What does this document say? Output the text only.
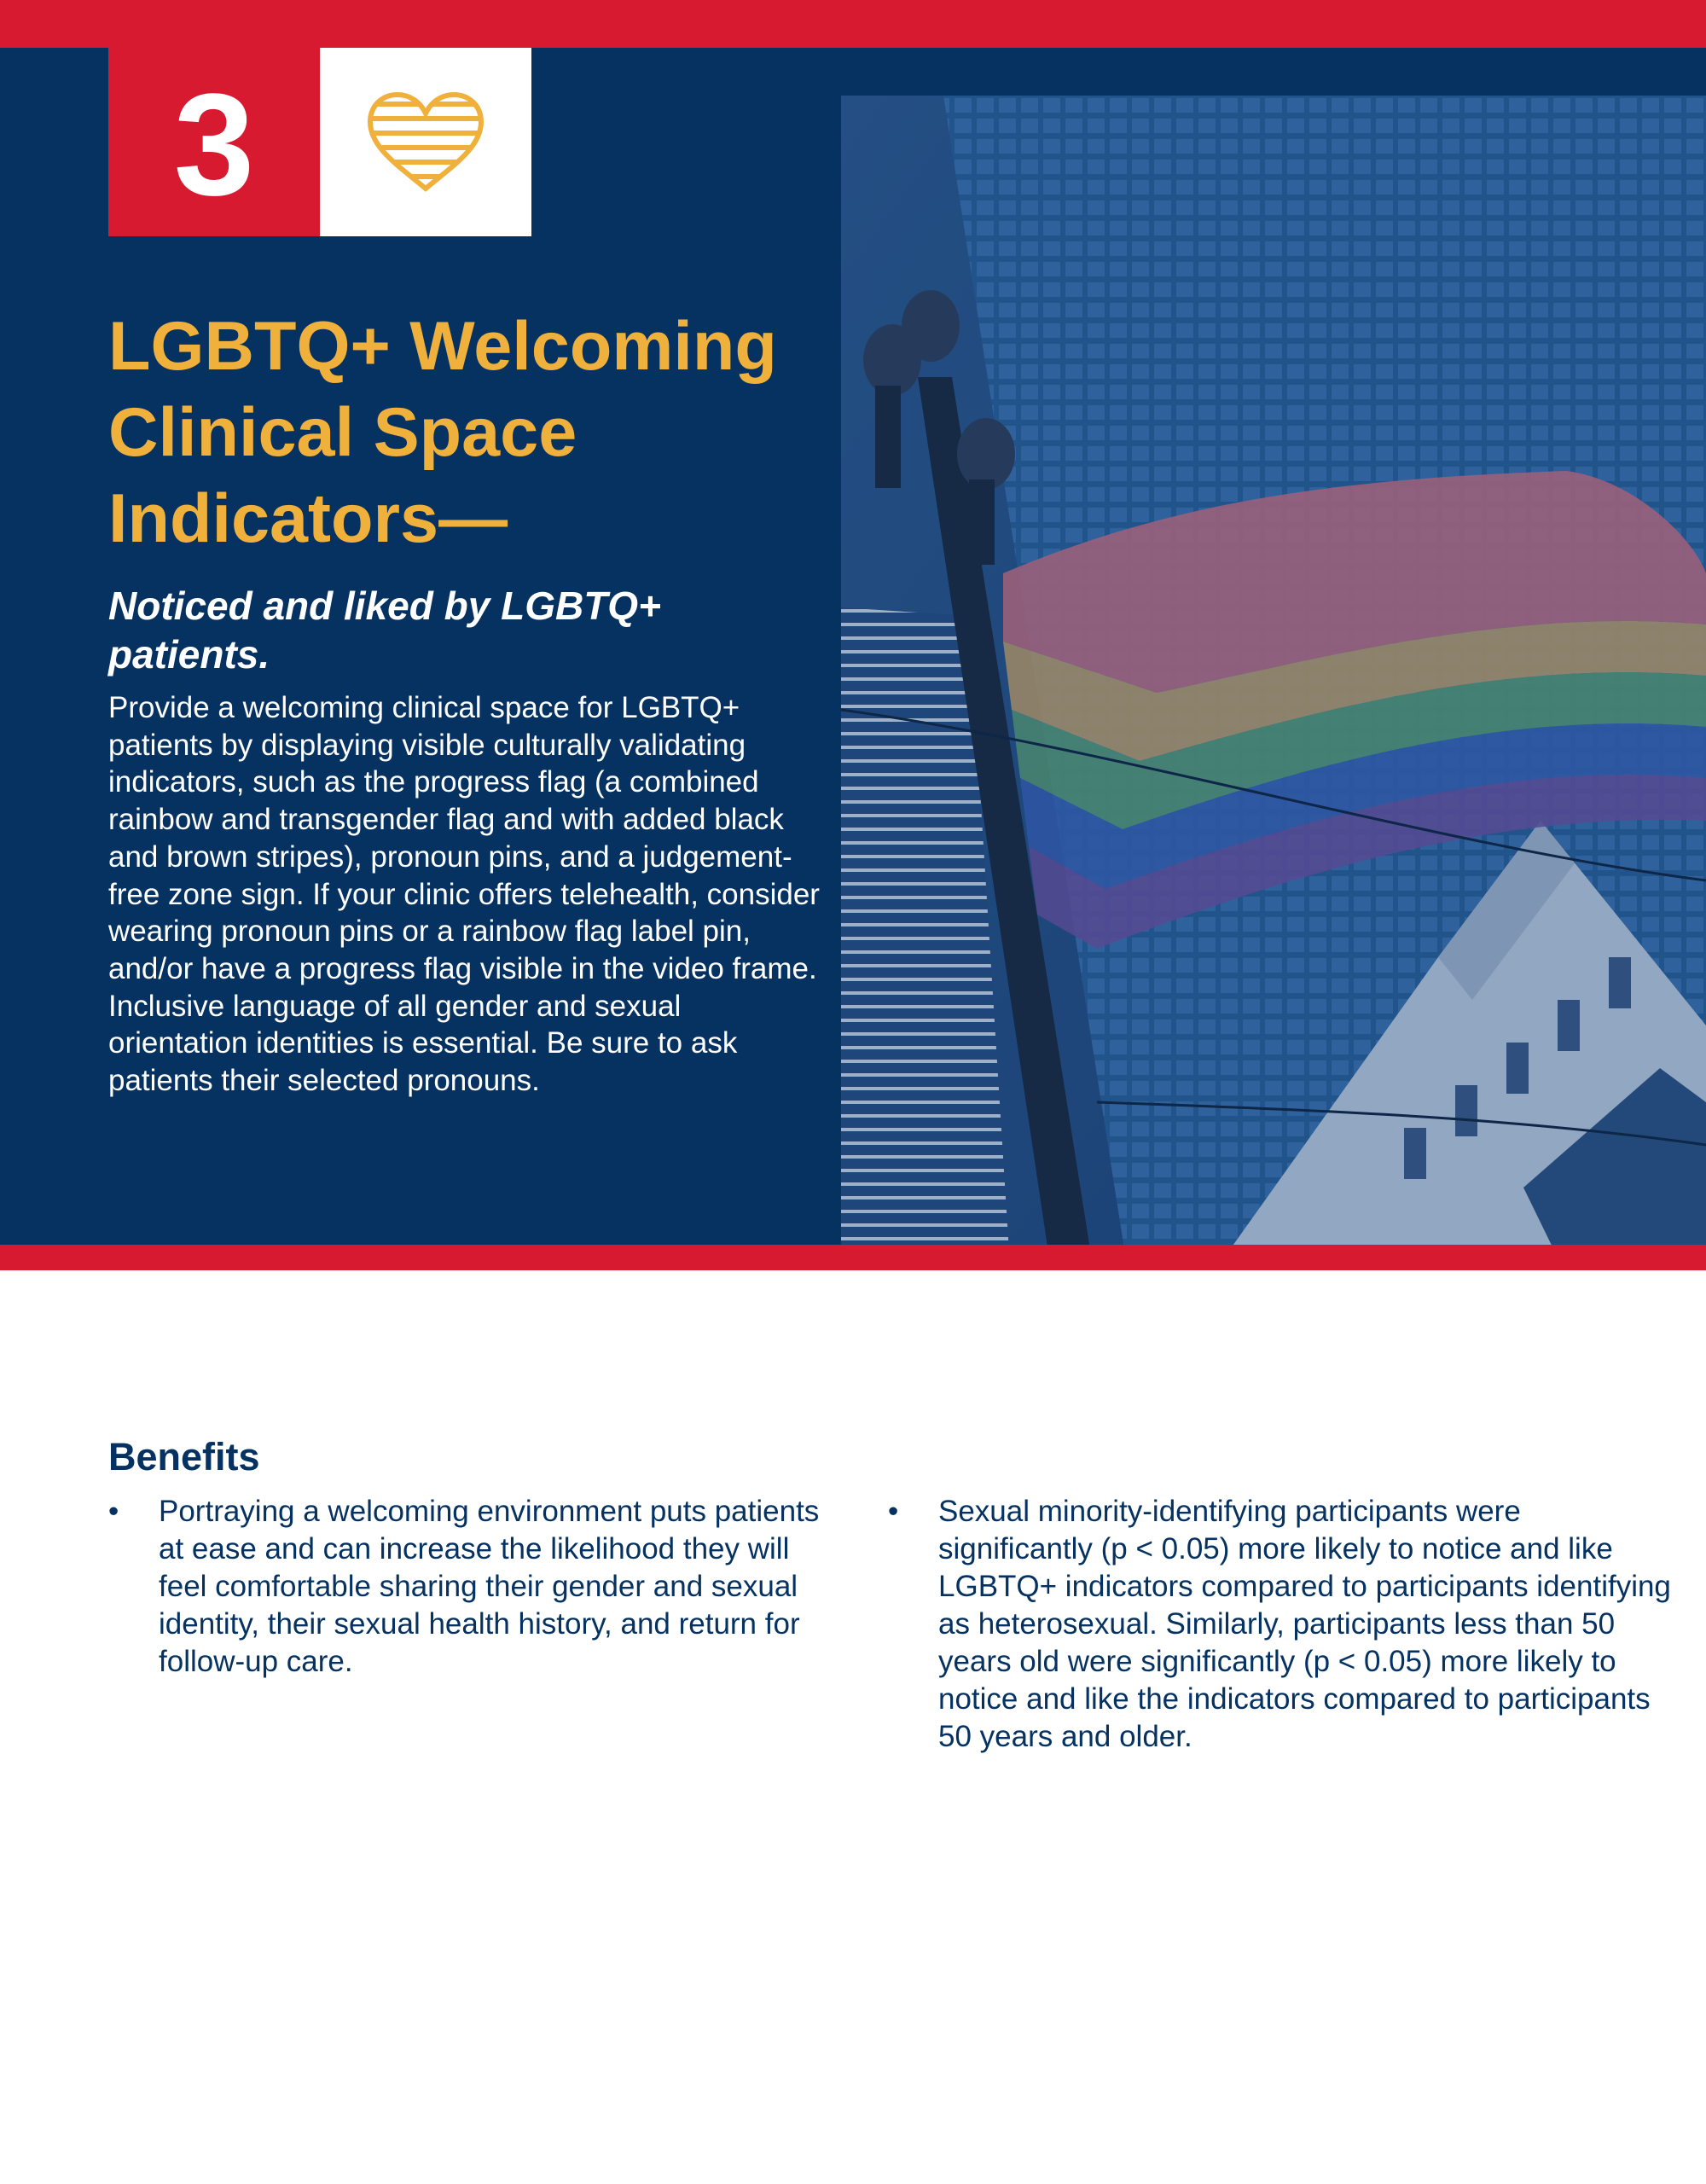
3
LGBTQ+ Welcoming Clinical Space Indicators—
Noticed and liked by LGBTQ+ patients.

Provide a welcoming clinical space for LGBTQ+ patients by displaying visible culturally validating indicators, such as the progress flag (a combined rainbow and transgender flag and with added black and brown stripes), pronoun pins, and a judgement-free zone sign. If your clinic offers telehealth, consider wearing pronoun pins or a rainbow flag label pin, and/or have a progress flag visible in the video frame. Inclusive language of all gender and sexual orientation identities is essential. Be sure to ask patients their selected pronouns.

Benefits
• Portraying a welcoming environment puts patients at ease and can increase the likelihood they will feel comfortable sharing their gender and sexual identity, their sexual health history, and return for follow-up care.
• Sexual minority-identifying participants were significantly (p < 0.05) more likely to notice and like LGBTQ+ indicators compared to participants identifying as heterosexual. Similarly, participants less than 50 years old were significantly (p < 0.05) more likely to notice and like the indicators compared to participants 50 years and older.
